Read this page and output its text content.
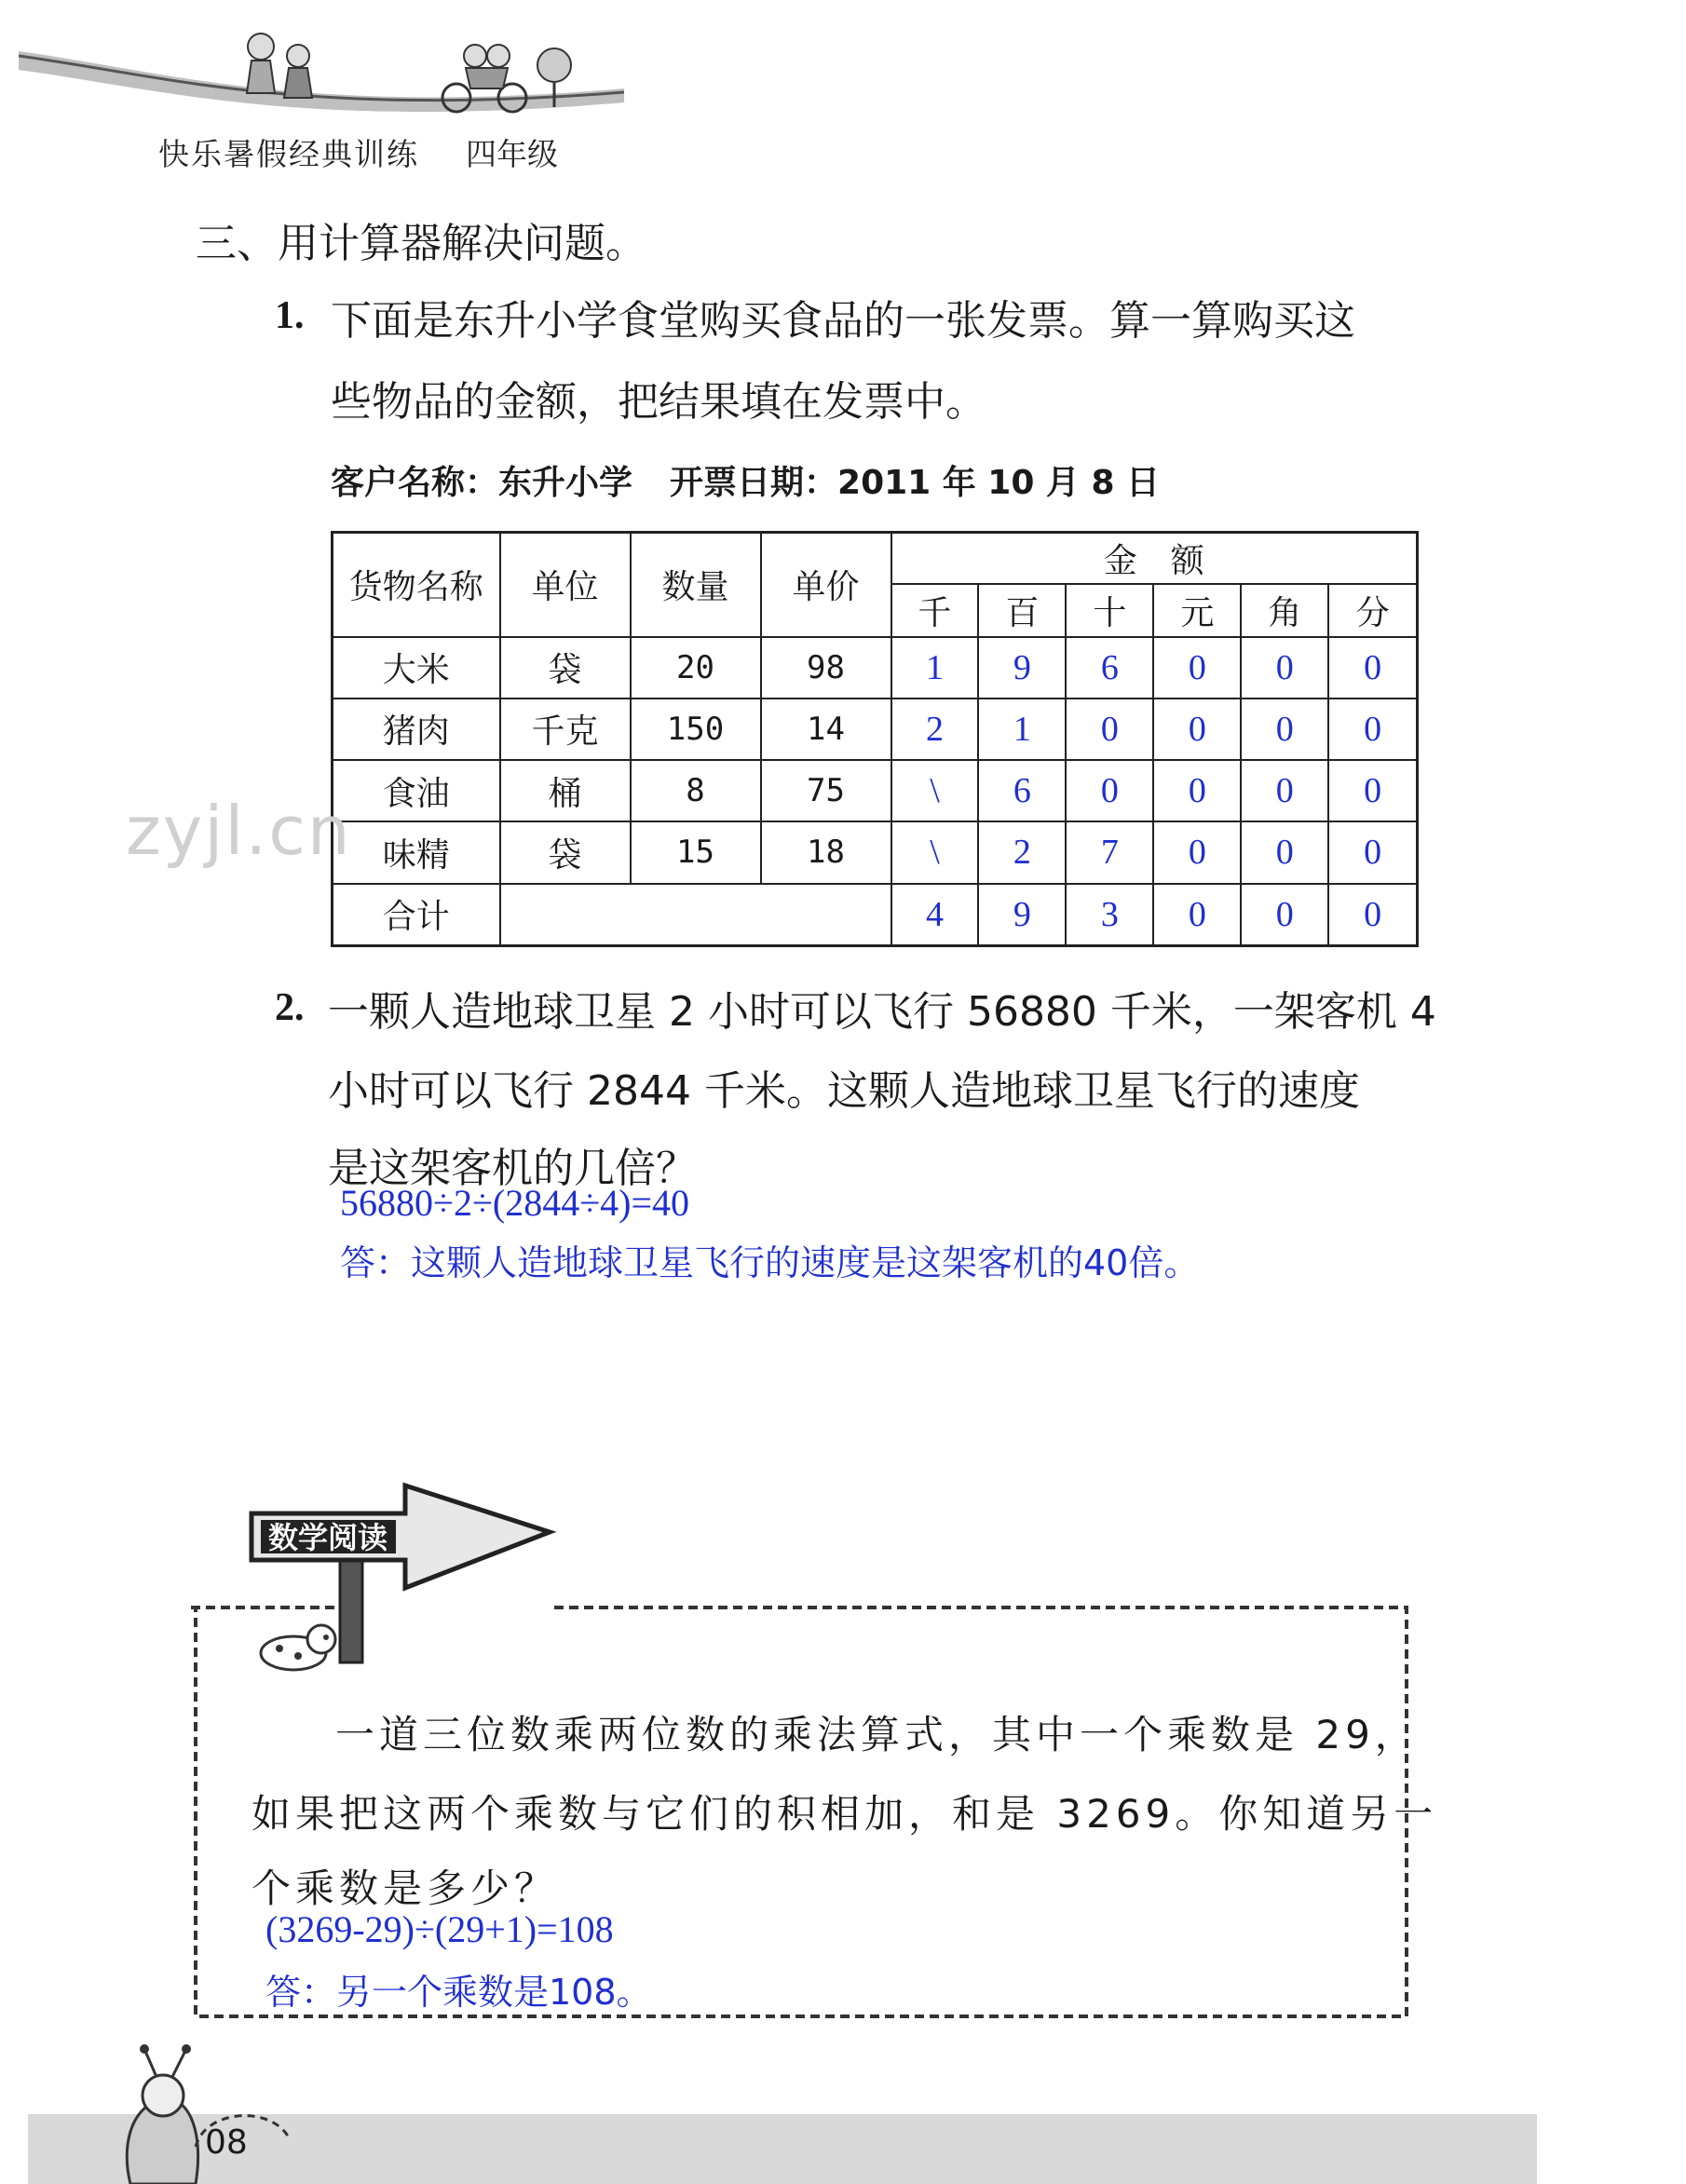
快乐暑假经典训练 四年级
三、用计算器解决问题。
1. 下面是东升小学食堂购买食品的一张发票。算一算购买这
些物品的金额，把结果填在发票中。
客户名称：东升小学 开票日期：2011 年 10 月 8 日
货物名称	单位	数量	单价	金　额					
				千	百	十	元	角	分
大米	袋	20	98	1	9	6	0	0	0
猪肉	千克	150	14	2	1	0	0	0	0
食油	桶	8	75	\	6	0	0	0	0
味精	袋	15	18	\	2	7	0	0	0
合计				4	9	3	0	0	0
zyjl.cn
2. 一颗人造地球卫星 2 小时可以飞行 56880 千米，一架客机 4
小时可以飞行 2844 千米。这颗人造地球卫星飞行的速度
是这架客机的几倍？
56880÷2÷(2844÷4)=40
答：这颗人造地球卫星飞行的速度是这架客机的40倍。
数学阅读
一道三位数乘两位数的乘法算式，其中一个乘数是 29，
如果把这两个乘数与它们的积相加，和是 3269。你知道另一
个乘数是多少？
(3269-29)÷(29+1)=108
答：另一个乘数是108。
08
